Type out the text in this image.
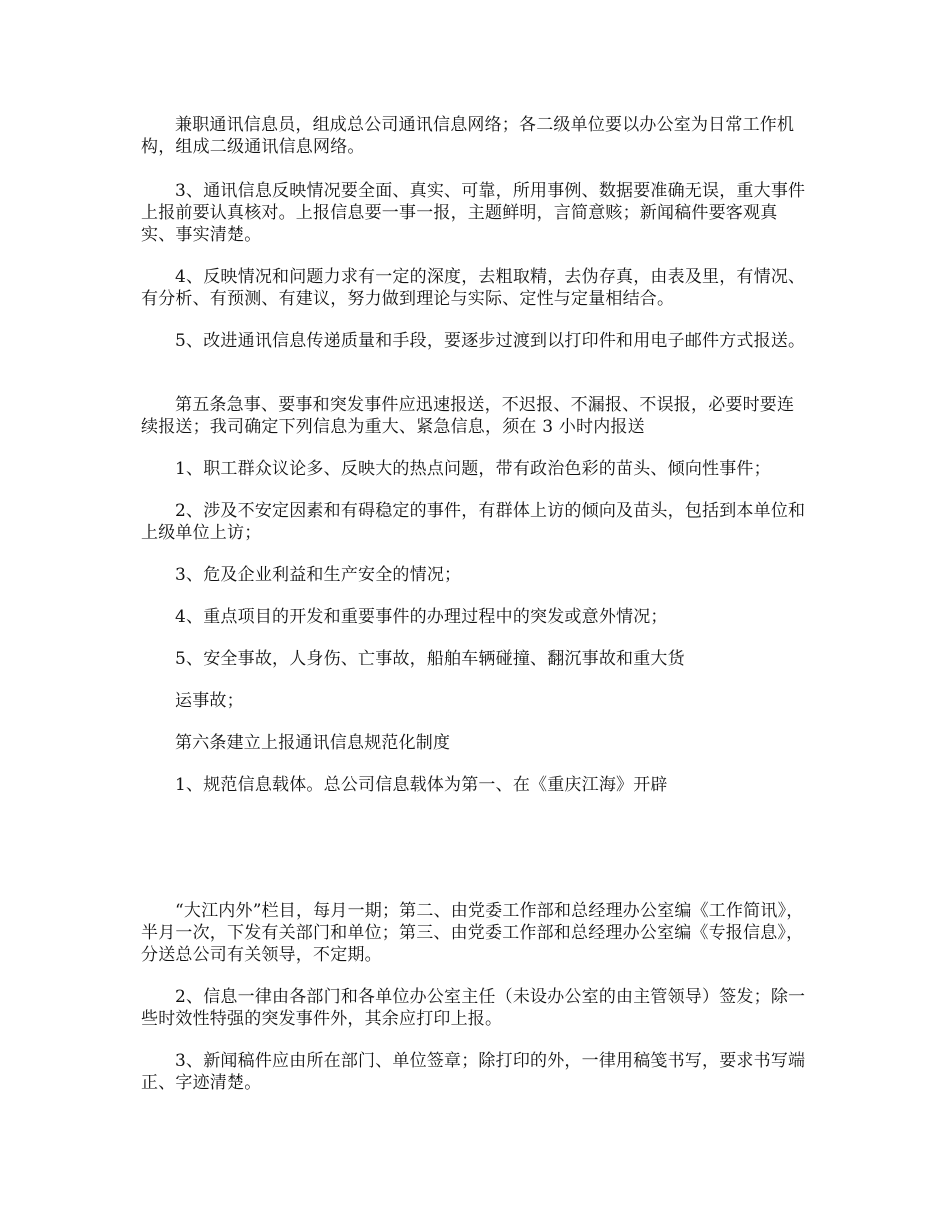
兼职通讯信息员，组成总公司通讯信息网络；各二级单位要以办公室为日常工作机构，组成二级通讯信息网络。

3、通讯信息反映情况要全面、真实、可靠，所用事例、数据要准确无误，重大事件上报前要认真核对。上报信息要一事一报，主题鲜明，言简意赅；新闻稿件要客观真实、事实清楚。

4、反映情况和问题力求有一定的深度，去粗取精，去伪存真，由表及里，有情况、有分析、有预测、有建议，努力做到理论与实际、定性与定量相结合。

5、改进通讯信息传递质量和手段，要逐步过渡到以打印件和用电子邮件方式报送。

第五条急事、要事和突发事件应迅速报送，不迟报、不漏报、不误报，必要时要连续报送；我司确定下列信息为重大、紧急信息，须在 3 小时内报送

1、职工群众议论多、反映大的热点问题，带有政治色彩的苗头、倾向性事件；

2、涉及不安定因素和有碍稳定的事件，有群体上访的倾向及苗头，包括到本单位和上级单位上访；

3、危及企业利益和生产安全的情况；

4、重点项目的开发和重要事件的办理过程中的突发或意外情况；

5、安全事故，人身伤、亡事故，船舶车辆碰撞、翻沉事故和重大货

运事故；

第六条建立上报通讯信息规范化制度

1、规范信息载体。总公司信息载体为第一、在《重庆江海》开辟

“大江内外”栏目，每月一期；第二、由党委工作部和总经理办公室编《工作简讯》，半月一次，下发有关部门和单位；第三、由党委工作部和总经理办公室编《专报信息》，分送总公司有关领导，不定期。

2、信息一律由各部门和各单位办公室主任（未设办公室的由主管领导）签发；除一些时效性特强的突发事件外，其余应打印上报。

3、新闻稿件应由所在部门、单位签章；除打印的外，一律用稿笺书写，要求书写端正、字迹清楚。
